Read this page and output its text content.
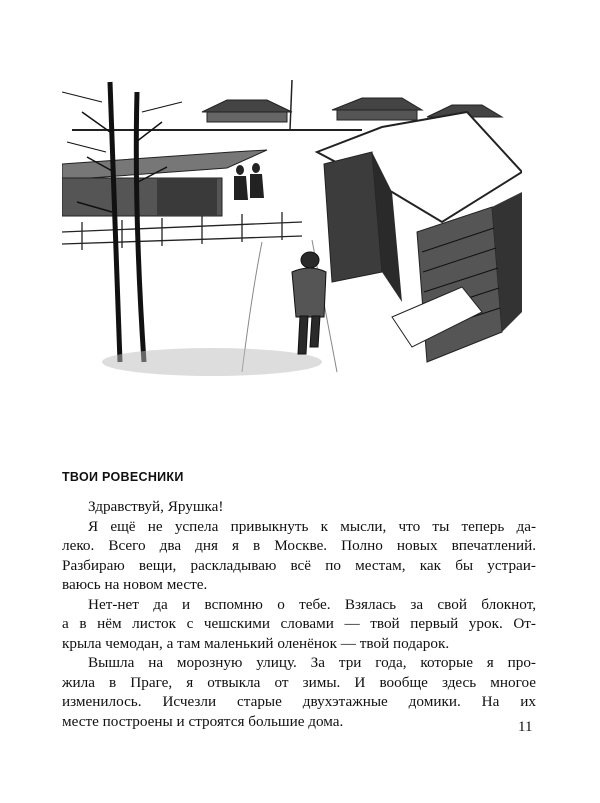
ТВОИ РОВЕСНИКИ

Здравствуй, Ярушка!

Я ещё не успела привыкнуть к мысли, что ты теперь да-
леко. Всего два дня я в Москве. Полно новых впечатлений.
Разбираю вещи, раскладываю всё по местам, как бы устраи-
ваюсь на новом месте.

Нет-нет да и вспомню о тебе. Взялась за свой блокнот,
а в нём листок с чешскими словами — твой первый урок. От-
крыла чемодан, а там маленький оленёнок — твой подарок.

Вышла на морозную улицу. За три года, которые я про-
жила в Праге, я отвыкла от зимы. И вообще здесь многое
изменилось. Исчезли старые двухэтажные домики. На их
месте построены и строятся большие дома.	11
